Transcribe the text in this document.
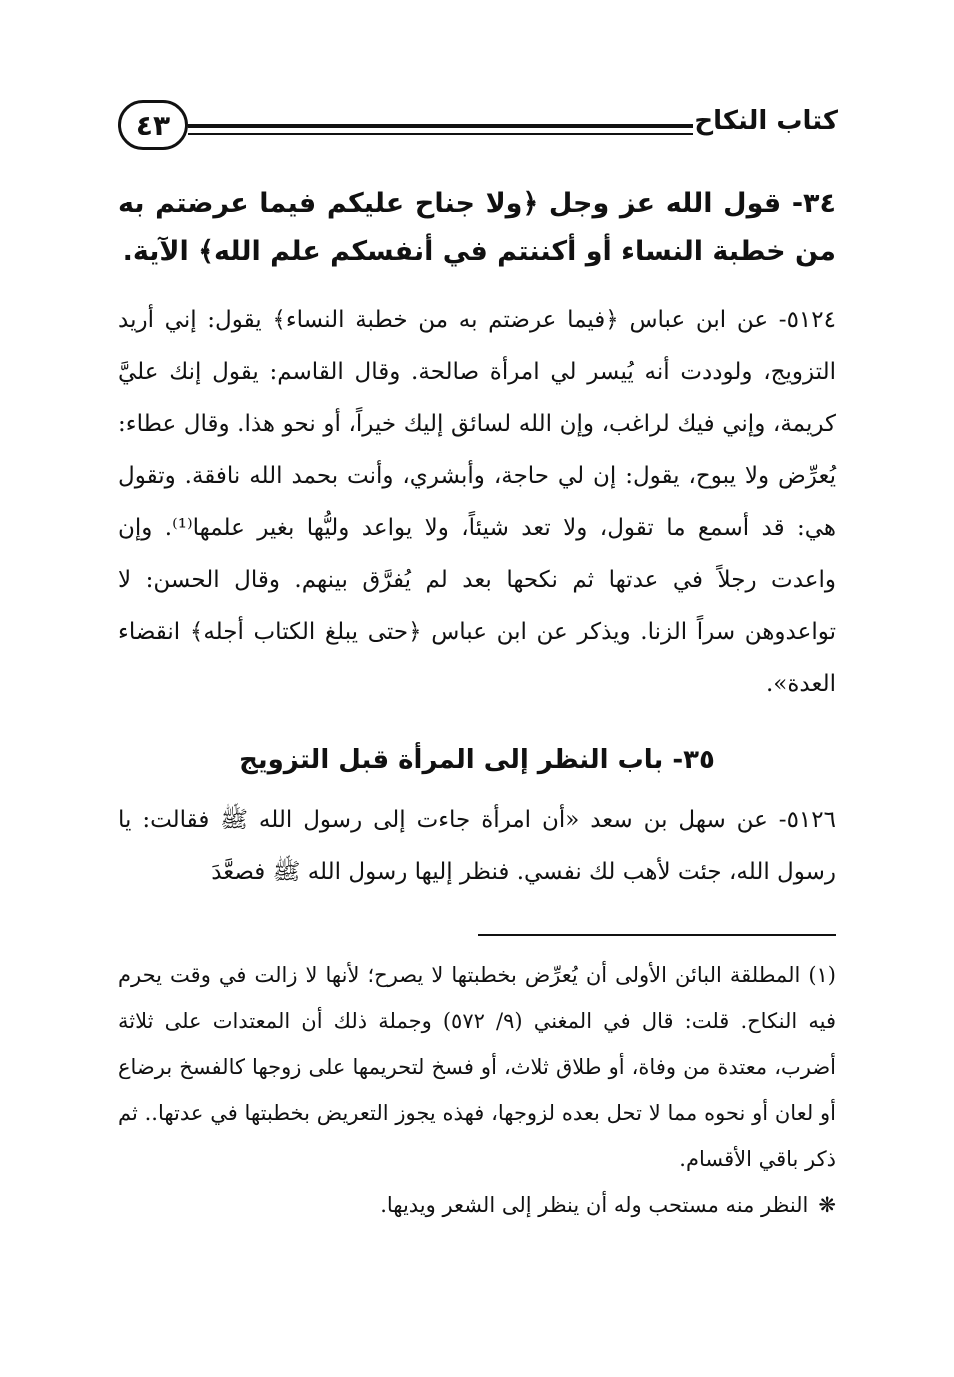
كتاب النكاح
٤٣
٣٤- قول الله عز وجل ﴿ولا جناح عليكم فيما عرضتم به من خطبة النساء أو أكننتم في أنفسكم علم الله﴾ الآية.

٥١٢٤- عن ابن عباس ﴿فيما عرضتم به من خطبة النساء﴾ يقول: إني أريد التزويج، ولوددت أنه يُيسر لي امرأة صالحة. وقال القاسم: يقول إنك عليَّ كريمة، وإني فيك لراغب، وإن الله لسائق إليك خيراً، أو نحو هذا. وقال عطاء: يُعرِّض ولا يبوح، يقول: إن لي حاجة، وأبشري، وأنت بحمد الله نافقة. وتقول هي: قد أسمع ما تقول، ولا تعد شيئاً، ولا يواعد وليُّها بغير علمها⁽¹⁾. وإن واعدت رجلاً في عدتها ثم نكحها بعد لم يُفرَّق بينهم. وقال الحسن: لا تواعدوهن سراً الزنا. ويذكر عن ابن عباس ﴿حتى يبلغ الكتاب أجله﴾ انقضاء العدة».

٣٥- باب النظر إلى المرأة قبل التزويج

٥١٢٦- عن سهل بن سعد «أن امرأة جاءت إلى رسول الله ﷺ فقالت: يا رسول الله، جئت لأهب لك نفسي. فنظر إليها رسول الله ﷺ فصعَّدَ

(١)المطلقة البائن الأولى أن يُعرِّض بخطبتها لا يصرح؛ لأنها لا زالت في وقت يحرم فيه النكاح. قلت: قال في المغني (٩/ ٥٧٢) وجملة ذلك أن المعتدات على ثلاثة أضرب، معتدة من وفاة، أو طلاق ثلاث، أو فسخ لتحريمها على زوجها كالفسخ برضاع أو لعان أو نحوه مما لا تحل بعده لزوجها، فهذه يجوز التعريض بخطبتها في عدتها.. ثم ذكر باقي الأقسام.

❋النظر منه مستحب وله أن ينظر إلى الشعر ويديها.
